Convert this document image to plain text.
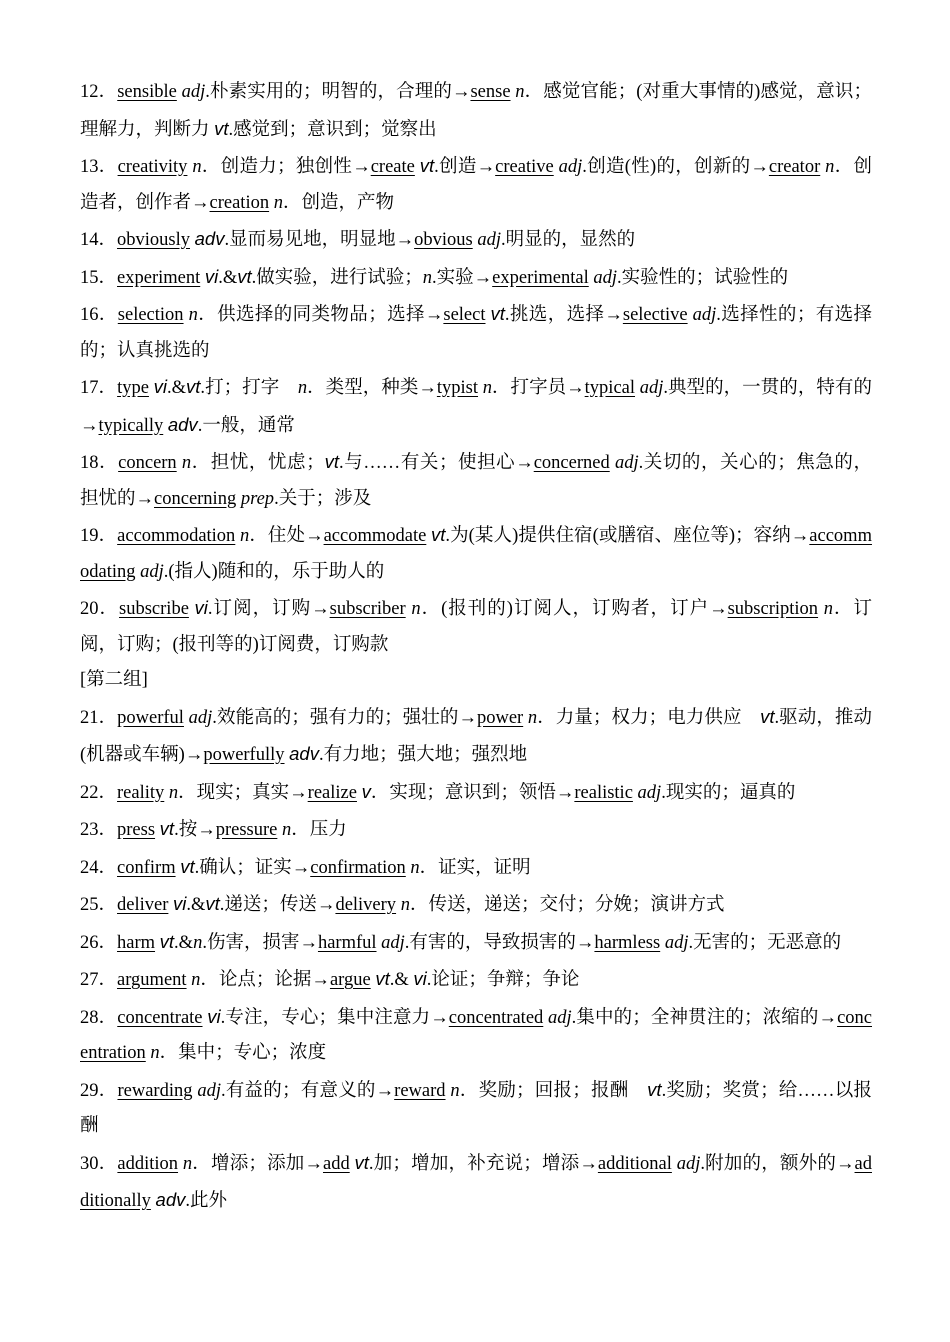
12．sensible adj.朴素实用的；明智的，合理的→sense n．感觉官能；(对重大事情的)感觉，意识；理解力，判断力 vt.感觉到；意识到；觉察出

13．creativity n．创造力；独创性→create vt.创造→creative adj.创造(性)的，创新的→creator n．创造者，创作者→creation n．创造，产物

14．obviously adv.显而易见地，明显地→obvious adj.明显的，显然的

15．experiment vi.&vt.做实验，进行试验；n.实验→experimental adj.实验性的；试验性的

16．selection n．供选择的同类物品；选择→select vt.挑选，选择→selective adj.选择性的；有选择的；认真挑选的

17．type vi.&vt.打；打字　n．类型，种类→typist n．打字员→typical adj.典型的，一贯的，特有的→typically adv.一般，通常

18．concern n．担忧，忧虑；vt.与……有关；使担心→concerned adj.关切的，关心的；焦急的，担忧的→concerning prep.关于；涉及

19．accommodation n．住处→accommodate vt.为(某人)提供住宿(或膳宿、座位等)；容纳→accommodating adj.(指人)随和的，乐于助人的

20．subscribe vi.订阅，订购→subscriber n．(报刊的)订阅人，订购者，订户→subscription n．订阅，订购；(报刊等的)订阅费，订购款

[第二组]

21．powerful adj.效能高的；强有力的；强壮的→power n．力量；权力；电力供应　vt.驱动，推动(机器或车辆)→powerfully adv.有力地；强大地；强烈地

22．reality n．现实；真实→realize v．实现；意识到；领悟→realistic adj.现实的；逼真的

23．press vt.按→pressure n．压力

24．confirm vt.确认；证实→confirmation n．证实，证明

25．deliver vi.&vt.递送；传送→delivery n．传送，递送；交付；分娩；演讲方式

26．harm vt.&n.伤害，损害→harmful adj.有害的，导致损害的→harmless adj.无害的；无恶意的

27．argument n．论点；论据→argue vt.& vi.论证；争辩；争论

28．concentrate vi.专注，专心；集中注意力→concentrated adj.集中的；全神贯注的；浓缩的→concentration n．集中；专心；浓度

29．rewarding adj.有益的；有意义的→reward n．奖励；回报；报酬　vt.奖励；奖赏；给……以报酬

30．addition n．增添；添加→add vt.加；增加，补充说；增添→additional adj.附加的，额外的→additionally adv.此外
